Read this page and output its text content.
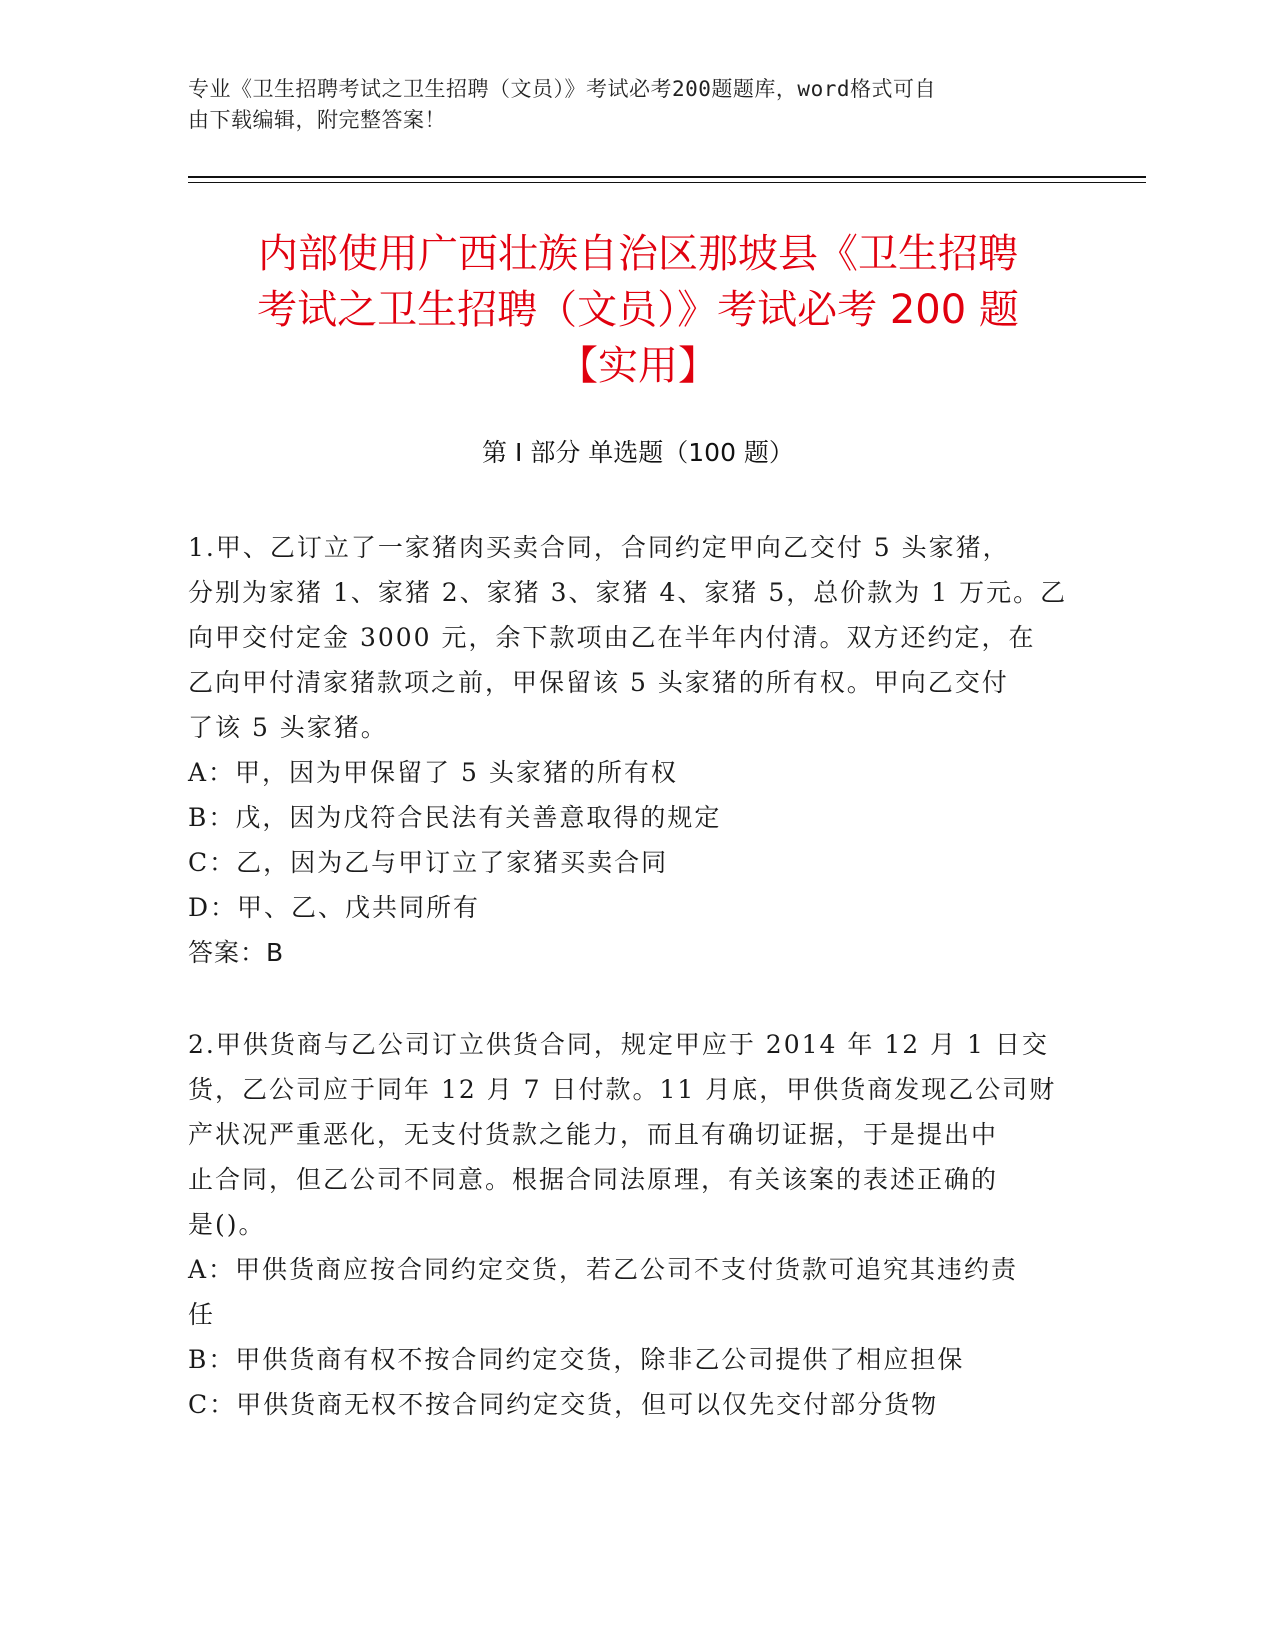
专业《卫生招聘考试之卫生招聘（文员）》考试必考200题题库，word格式可自
由下载编辑，附完整答案！
内部使用广西壮族自治区那坡县《卫生招聘
考试之卫生招聘（文员）》考试必考 200 题
【实用】
第 I 部分 单选题（100 题）

1.甲、乙订立了一家猪肉买卖合同，合同约定甲向乙交付 5 头家猪，

分别为家猪 1、家猪 2、家猪 3、家猪 4、家猪 5，总价款为 1 万元。乙

向甲交付定金 3000 元，余下款项由乙在半年内付清。双方还约定，在

乙向甲付清家猪款项之前，甲保留该 5 头家猪的所有权。甲向乙交付

了该 5 头家猪。

A：甲，因为甲保留了 5 头家猪的所有权

B：戊，因为戊符合民法有关善意取得的规定

C：乙，因为乙与甲订立了家猪买卖合同

D：甲、乙、戊共同所有

答案：B

2.甲供货商与乙公司订立供货合同，规定甲应于 2014 年 12 月 1 日交

货，乙公司应于同年 12 月 7 日付款。11 月底，甲供货商发现乙公司财

产状况严重恶化，无支付货款之能力，而且有确切证据，于是提出中

止合同，但乙公司不同意。根据合同法原理，有关该案的表述正确的

是()。

A：甲供货商应按合同约定交货，若乙公司不支付货款可追究其违约责

任

B：甲供货商有权不按合同约定交货，除非乙公司提供了相应担保

C：甲供货商无权不按合同约定交货，但可以仅先交付部分货物
